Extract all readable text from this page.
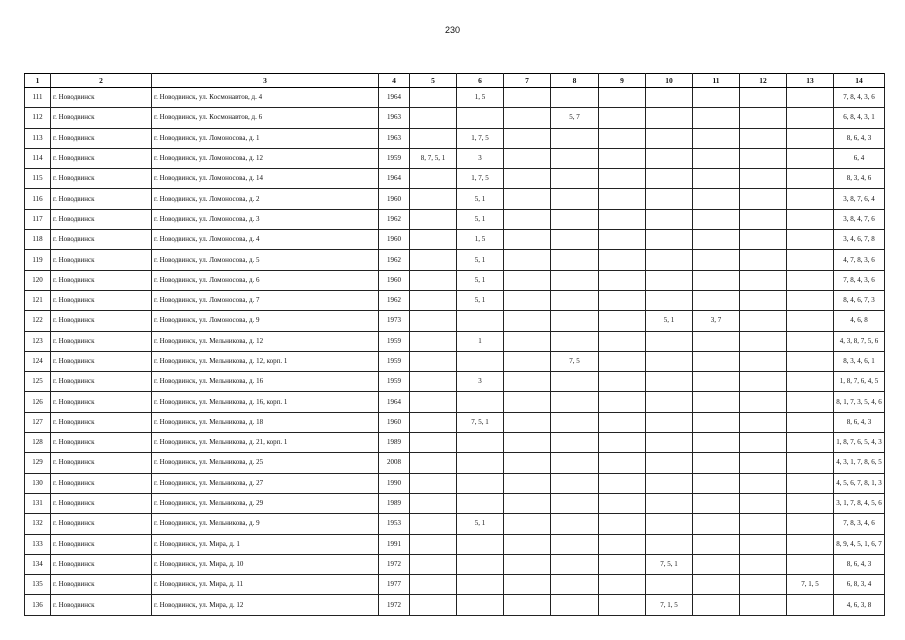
230
1	2	3	4	5	6	7	8	9	10	11	12	13	14
111	г. Новодвинск	г. Новодвинск, ул. Космонавтов, д. 4	1964		1, 5								7, 8, 4, 3, 6
112	г. Новодвинск	г. Новодвинск, ул. Космонавтов, д. 6	1963				5, 7						6, 8, 4, 3, 1
113	г. Новодвинск	г. Новодвинск, ул. Ломоносова, д. 1	1963		1, 7, 5								8, 6, 4, 3
114	г. Новодвинск	г. Новодвинск, ул. Ломоносова, д. 12	1959	8, 7, 5, 1	3								6, 4
115	г. Новодвинск	г. Новодвинск, ул. Ломоносова, д. 14	1964		1, 7, 5								8, 3, 4, 6
116	г. Новодвинск	г. Новодвинск, ул. Ломоносова, д. 2	1960		5, 1								3, 8, 7, 6, 4
117	г. Новодвинск	г. Новодвинск, ул. Ломоносова, д. 3	1962		5, 1								3, 8, 4, 7, 6
118	г. Новодвинск	г. Новодвинск, ул. Ломоносова, д. 4	1960		1, 5								3, 4, 6, 7, 8
119	г. Новодвинск	г. Новодвинск, ул. Ломоносова, д. 5	1962		5, 1								4, 7, 8, 3, 6
120	г. Новодвинск	г. Новодвинск, ул. Ломоносова, д. 6	1960		5, 1								7, 8, 4, 3, 6
121	г. Новодвинск	г. Новодвинск, ул. Ломоносова, д. 7	1962		5, 1								8, 4, 6, 7, 3
122	г. Новодвинск	г. Новодвинск, ул. Ломоносова, д. 9	1973						5, 1	3, 7			4, 6, 8
123	г. Новодвинск	г. Новодвинск, ул. Мельникова, д. 12	1959		1								4, 3, 8, 7, 5, 6
124	г. Новодвинск	г. Новодвинск, ул. Мельникова, д. 12, корп. 1	1959				7, 5						8, 3, 4, 6, 1
125	г. Новодвинск	г. Новодвинск, ул. Мельникова, д. 16	1959		3								1, 8, 7, 6, 4, 5
126	г. Новодвинск	г. Новодвинск, ул. Мельникова, д. 16, корп. 1	1964										8, 1, 7, 3, 5, 4, 6
127	г. Новодвинск	г. Новодвинск, ул. Мельникова, д. 18	1960		7, 5, 1								8, 6, 4, 3
128	г. Новодвинск	г. Новодвинск, ул. Мельникова, д. 21, корп. 1	1989										1, 8, 7, 6, 5, 4, 3
129	г. Новодвинск	г. Новодвинск, ул. Мельникова, д. 25	2008										4, 3, 1, 7, 8, 6, 5
130	г. Новодвинск	г. Новодвинск, ул. Мельникова, д. 27	1990										4, 5, 6, 7, 8, 1, 3
131	г. Новодвинск	г. Новодвинск, ул. Мельникова, д. 29	1989										3, 1, 7, 8, 4, 5, 6
132	г. Новодвинск	г. Новодвинск, ул. Мельникова, д. 9	1953		5, 1								7, 8, 3, 4, 6
133	г. Новодвинск	г. Новодвинск, ул. Мира, д. 1	1991										8, 9, 4, 5, 1, 6, 7
134	г. Новодвинск	г. Новодвинск, ул. Мира, д. 10	1972						7, 5, 1				8, 6, 4, 3
135	г. Новодвинск	г. Новодвинск, ул. Мира, д. 11	1977									7, 1, 5	6, 8, 3, 4
136	г. Новодвинск	г. Новодвинск, ул. Мира, д. 12	1972						7, 1, 5				4, 6, 3, 8
